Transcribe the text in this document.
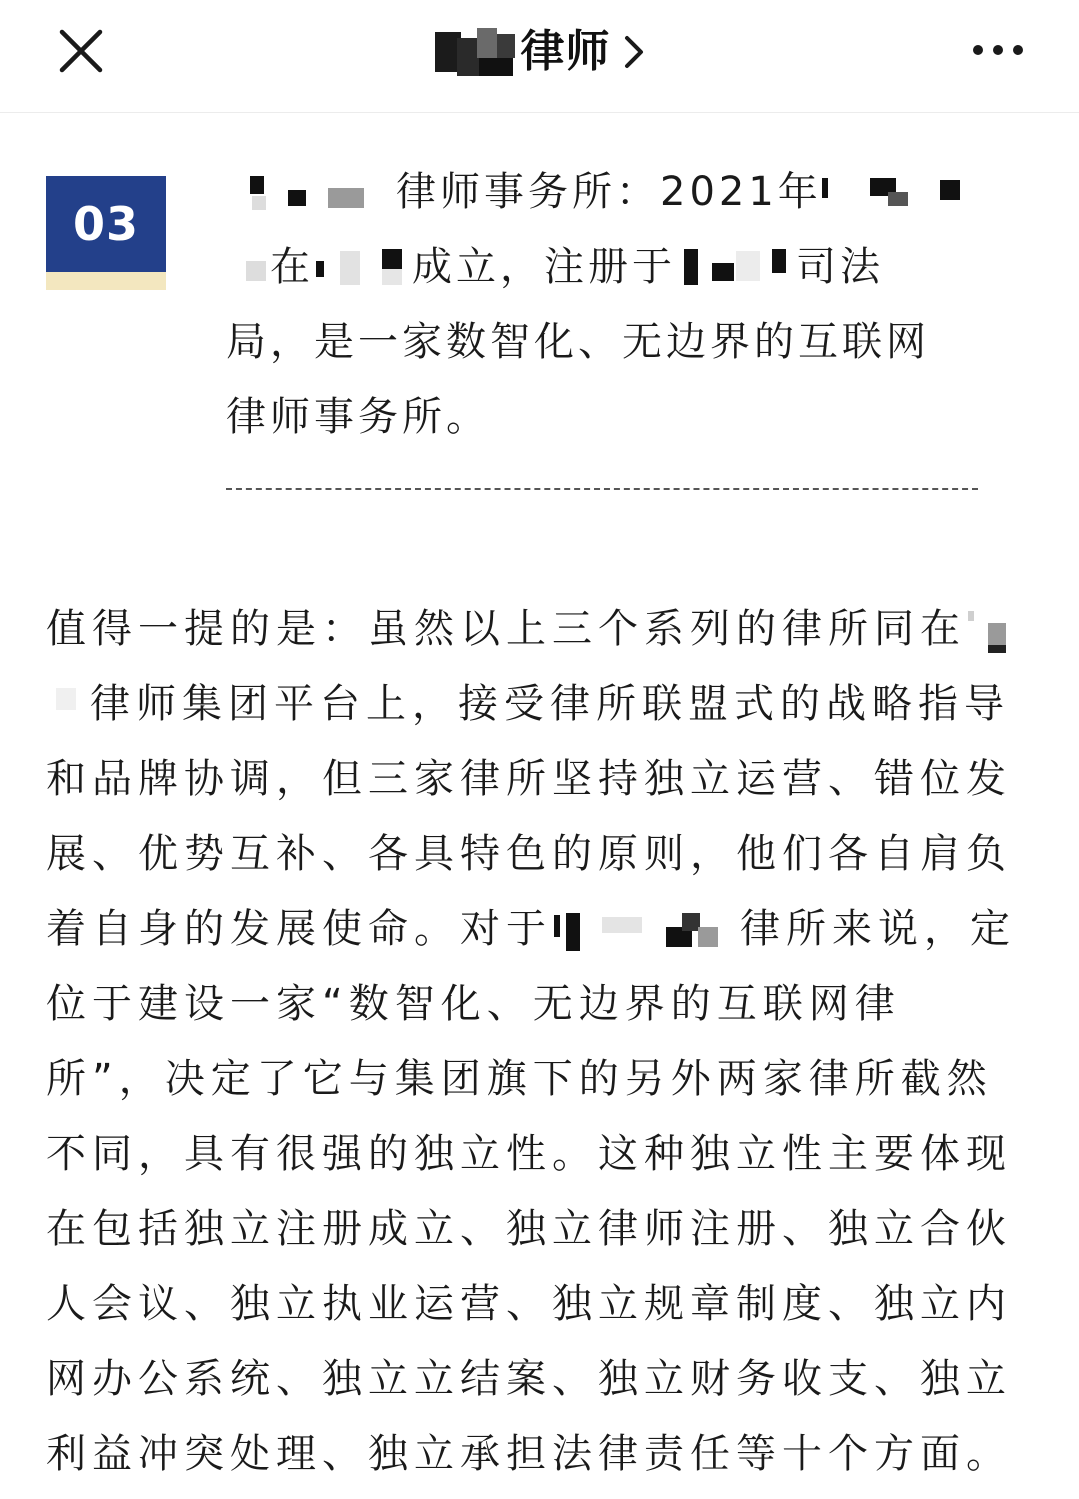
律师
03
律师事务所：2021年
在 成立，注册于	司法
局，是一家数智化、无边界的互联网
律师事务所。
值得一提的是：虽然以上三个系列的律所同在
律师集团平台上，接受律所联盟式的战略指导
和品牌协调，但三家律所坚持独立运营、错位发
展、优势互补、各具特色的原则，他们各自肩负
着自身的发展使命。对于	律所来说，定
位于建设一家“数智化、无边界的互联网律
所”，决定了它与集团旗下的另外两家律所截然
不同，具有很强的独立性。这种独立性主要体现
在包括独立注册成立、独立律师注册、独立合伙
人会议、独立执业运营、独立规章制度、独立内
网办公系统、独立立结案、独立财务收支、独立
利益冲突处理、独立承担法律责任等十个方面。
